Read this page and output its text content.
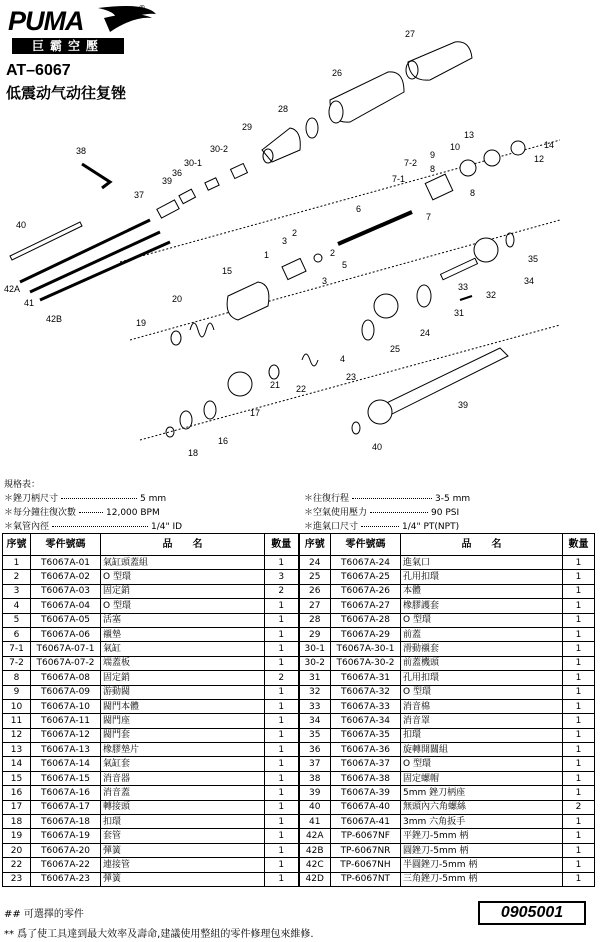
PUMA	®
巨霸空壓
AT–6067
低震动气动往复锉
27
26
28
29
30-2
30-1
38
39
36
37
40
42A
41
42B
13
10
9
7-2
7-1
12
14
8
8
7
6
2
3
1	2
5
3
15
20
19
34
35
32
33
31
24
25
4
23
22
21
17
16
18
39
40
規格表：
＊銼刀柄尺寸	5 mm
＊每分鐘往復次數	12,000 BPM
＊氣管內徑	1/4" ID
＊往復行程	3-5 mm
＊空氣使用壓力	90 PSI
＊進氣口尺寸	1/4" PT(NPT)
序號	零件號碼	品　　名	數量	序號	零件號碼	品　　名	數量
1	T6067A-01	氣缸頭蓋組	1	24	T6067A-24	進氣口	1
2	T6067A-02	O 型環	3	25	T6067A-25	孔用扣環	1
3	T6067A-03	固定銷	2	26	T6067A-26	本體	1
4	T6067A-04	O 型環	1	27	T6067A-27	橡膠護套	1
5	T6067A-05	活塞	1	28	T6067A-28	O 型環	1
6	T6067A-06	襯墊	1	29	T6067A-29	前蓋	1
7-1	T6067A-07-1	氣缸	1	30-1	T6067A-30-1	滑動襯套	1
7-2	T6067A-07-2	端蓋板	1	30-2	T6067A-30-2	前蓋機頭	1
8	T6067A-08	固定銷	2	31	T6067A-31	孔用扣環	1
9	T6067A-09	游動閥	1	32	T6067A-32	O 型環	1
10	T6067A-10	閥門本體	1	33	T6067A-33	消音棉	1
11	T6067A-11	閥門座	1	34	T6067A-34	消音罩	1
12	T6067A-12	閥門套	1	35	T6067A-35	扣環	1
13	T6067A-13	橡膠墊片	1	36	T6067A-36	旋轉開關組	1
14	T6067A-14	氣缸套	1	37	T6067A-37	O 型環	1
15	T6067A-15	消音器	1	38	T6067A-38	固定螺帽	1
16	T6067A-16	消音蓋	1	39	T6067A-39	5mm 銼刀柄座	1
17	T6067A-17	轉接頭	1	40	T6067A-40	無頭內六角螺絲	2
18	T6067A-18	扣環	1	41	T6067A-41	3mm 六角扳手	1
19	T6067A-19	套管	1	42A	TP-6067NF	平銼刀-5mm 柄	1
20	T6067A-20	彈簧	1	42B	TP-6067NR	圓銼刀-5mm 柄	1
22	T6067A-22	連接管	1	42C	TP-6067NH	半圓銼刀-5mm 柄	1
23	T6067A-23	彈簧	1	42D	TP-6067NT	三角銼刀-5mm 柄	1
## 可選擇的零件	0905001
** 爲了使工具達到最大效率及壽命,建議使用整組的零件修理包來維修.
